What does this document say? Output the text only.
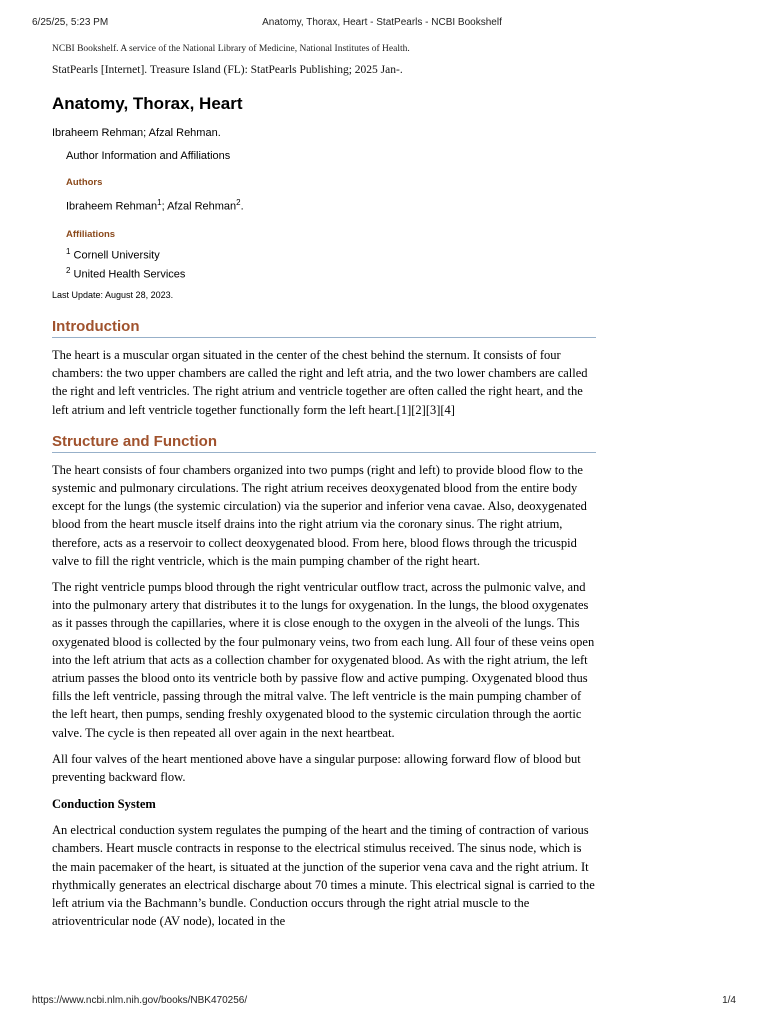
6/25/25, 5:23 PM	Anatomy, Thorax, Heart - StatPearls - NCBI Bookshelf
NCBI Bookshelf. A service of the National Library of Medicine, National Institutes of Health.
StatPearls [Internet]. Treasure Island (FL): StatPearls Publishing; 2025 Jan-.
Anatomy, Thorax, Heart
Ibraheem Rehman; Afzal Rehman.
Author Information and Affiliations
Authors
Ibraheem Rehman$^1$; Afzal Rehman$^2$.
Affiliations
$^1$ Cornell University
$^2$ United Health Services
Last Update: August 28, 2023.
Introduction

The heart is a muscular organ situated in the center of the chest behind the sternum. It consists of four chambers: the two upper chambers are called the right and left atria, and the two lower chambers are called the right and left ventricles. The right atrium and ventricle together are often called the right heart, and the left atrium and left ventricle together functionally form the left heart.[1][2][3][4]

Structure and Function

The heart consists of four chambers organized into two pumps (right and left) to provide blood flow to the systemic and pulmonary circulations. The right atrium receives deoxygenated blood from the entire body except for the lungs (the systemic circulation) via the superior and inferior vena cavae. Also, deoxygenated blood from the heart muscle itself drains into the right atrium via the coronary sinus. The right atrium, therefore, acts as a reservoir to collect deoxygenated blood. From here, blood flows through the tricuspid valve to fill the right ventricle, which is the main pumping chamber of the right heart.

The right ventricle pumps blood through the right ventricular outflow tract, across the pulmonic valve, and into the pulmonary artery that distributes it to the lungs for oxygenation. In the lungs, the blood oxygenates as it passes through the capillaries, where it is close enough to the oxygen in the alveoli of the lungs. This oxygenated blood is collected by the four pulmonary veins, two from each lung. All four of these veins open into the left atrium that acts as a collection chamber for oxygenated blood. As with the right atrium, the left atrium passes the blood onto its ventricle both by passive flow and active pumping. Oxygenated blood thus fills the left ventricle, passing through the mitral valve. The left ventricle is the main pumping chamber of the left heart, then pumps, sending freshly oxygenated blood to the systemic circulation through the aortic valve. The cycle is then repeated all over again in the next heartbeat.

All four valves of the heart mentioned above have a singular purpose: allowing forward flow of blood but preventing backward flow.

Conduction System

An electrical conduction system regulates the pumping of the heart and the timing of contraction of various chambers. Heart muscle contracts in response to the electrical stimulus received. The sinus node, which is the main pacemaker of the heart, is situated at the junction of the superior vena cava and the right atrium. It rhythmically generates an electrical discharge about 70 times a minute. This electrical signal is carried to the left atrium via the Bachmann’s bundle. Conduction occurs through the right atrial muscle to the atrioventricular node (AV node), located in the

https://www.ncbi.nlm.nih.gov/books/NBK470256/	1/4
